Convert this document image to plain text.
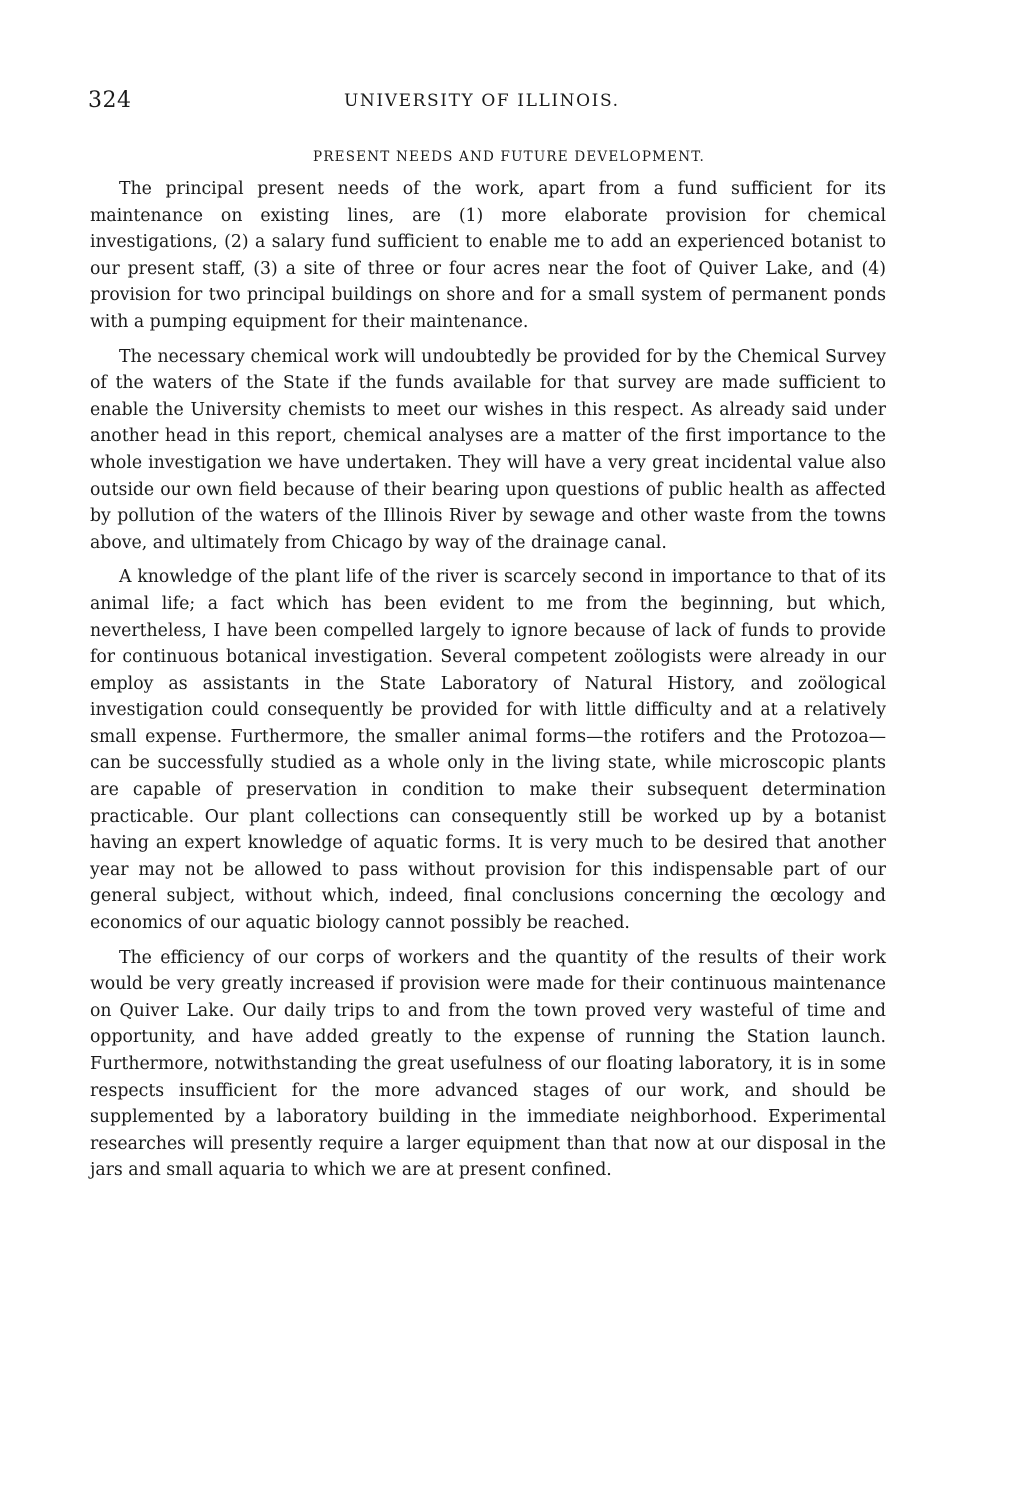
324	UNIVERSITY OF ILLINOIS.
PRESENT NEEDS AND FUTURE DEVELOPMENT.

The principal present needs of the work, apart from a fund sufficient for its maintenance on existing lines, are (1) more elaborate provision for chemical investigations, (2) a salary fund sufficient to enable me to add an experienced botanist to our present staff, (3) a site of three or four acres near the foot of Quiver Lake, and (4) provision for two principal buildings on shore and for a small system of permanent ponds with a pumping equipment for their maintenance.

The necessary chemical work will undoubtedly be provided for by the Chemical Survey of the waters of the State if the funds available for that survey are made sufficient to enable the University chemists to meet our wishes in this respect. As already said under another head in this report, chemical analyses are a matter of the first importance to the whole investigation we have undertaken. They will have a very great incidental value also outside our own field because of their bearing upon questions of public health as affected by pollution of the waters of the Illinois River by sewage and other waste from the towns above, and ultimately from Chicago by way of the drainage canal.

A knowledge of the plant life of the river is scarcely second in importance to that of its animal life; a fact which has been evident to me from the beginning, but which, nevertheless, I have been compelled largely to ignore because of lack of funds to provide for continuous botanical investigation. Several competent zoölogists were already in our employ as assistants in the State Laboratory of Natural History, and zoölogical investigation could consequently be provided for with little difficulty and at a relatively small expense. Furthermore, the smaller animal forms—the rotifers and the Protozoa—can be successfully studied as a whole only in the living state, while microscopic plants are capable of preservation in condition to make their subsequent determination practicable. Our plant collections can consequently still be worked up by a botanist having an expert knowledge of aquatic forms. It is very much to be desired that another year may not be allowed to pass without provision for this indispensable part of our general subject, without which, indeed, final conclusions concerning the œcology and economics of our aquatic biology cannot possibly be reached.

The efficiency of our corps of workers and the quantity of the results of their work would be very greatly increased if provision were made for their continuous maintenance on Quiver Lake. Our daily trips to and from the town proved very wasteful of time and opportunity, and have added greatly to the expense of running the Station launch. Furthermore, notwithstanding the great usefulness of our floating laboratory, it is in some respects insufficient for the more advanced stages of our work, and should be supplemented by a laboratory building in the immediate neighborhood. Experimental researches will presently require a larger equipment than that now at our disposal in the jars and small aquaria to which we are at present confined.
